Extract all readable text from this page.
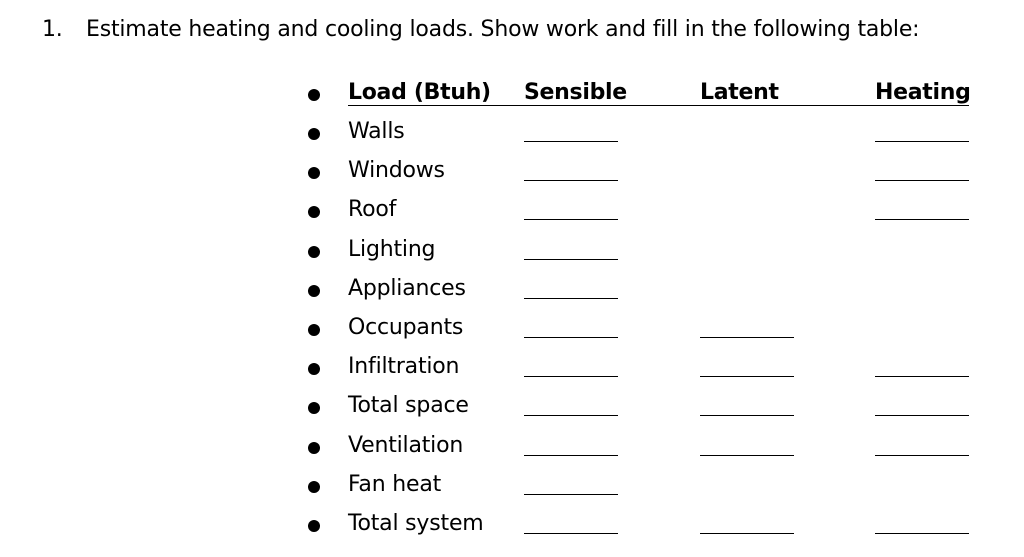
1. Estimate heating and cooling loads. Show work and fill in the following table:
Load (Btuh) Sensible	Latent	Heating
Walls
Windows
Roof
Lighting
Appliances
Occupants
Infiltration
Total space
Ventilation
Fan heat
Total system
